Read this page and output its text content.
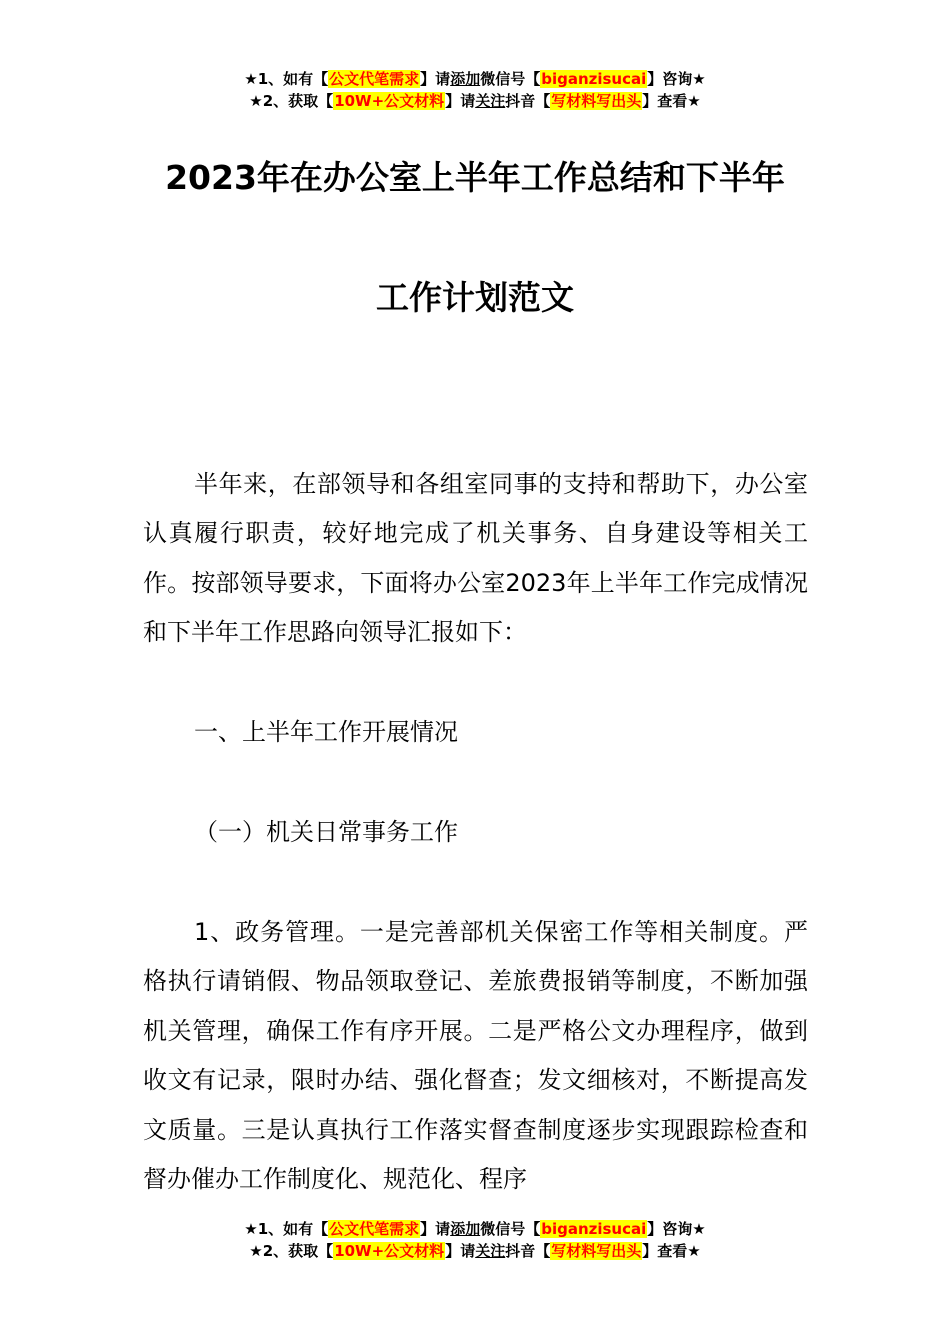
★1、如有【公文代笔需求】请添加微信号【biganzisucai】咨询★
★2、获取【10W+公文材料】请关注抖音【写材料写出头】查看★
2023年在办公室上半年工作总结和下半年
工作计划范文
半年来，在部领导和各组室同事的支持和帮助下，办公室认真履行职责，较好地完成了机关事务、自身建设等相关工作。按部领导要求，下面将办公室2023年上半年工作完成情况和下半年工作思路向领导汇报如下：
一、上半年工作开展情况
（一）机关日常事务工作
1、政务管理。一是完善部机关保密工作等相关制度。严格执行请销假、物品领取登记、差旅费报销等制度，不断加强机关管理，确保工作有序开展。二是严格公文办理程序，做到收文有记录，限时办结、强化督查；发文细核对，不断提高发文质量。三是认真执行工作落实督查制度逐步实现跟踪检查和督办催办工作制度化、规范化、程序
★1、如有【公文代笔需求】请添加微信号【biganzisucai】咨询★
★2、获取【10W+公文材料】请关注抖音【写材料写出头】查看★
